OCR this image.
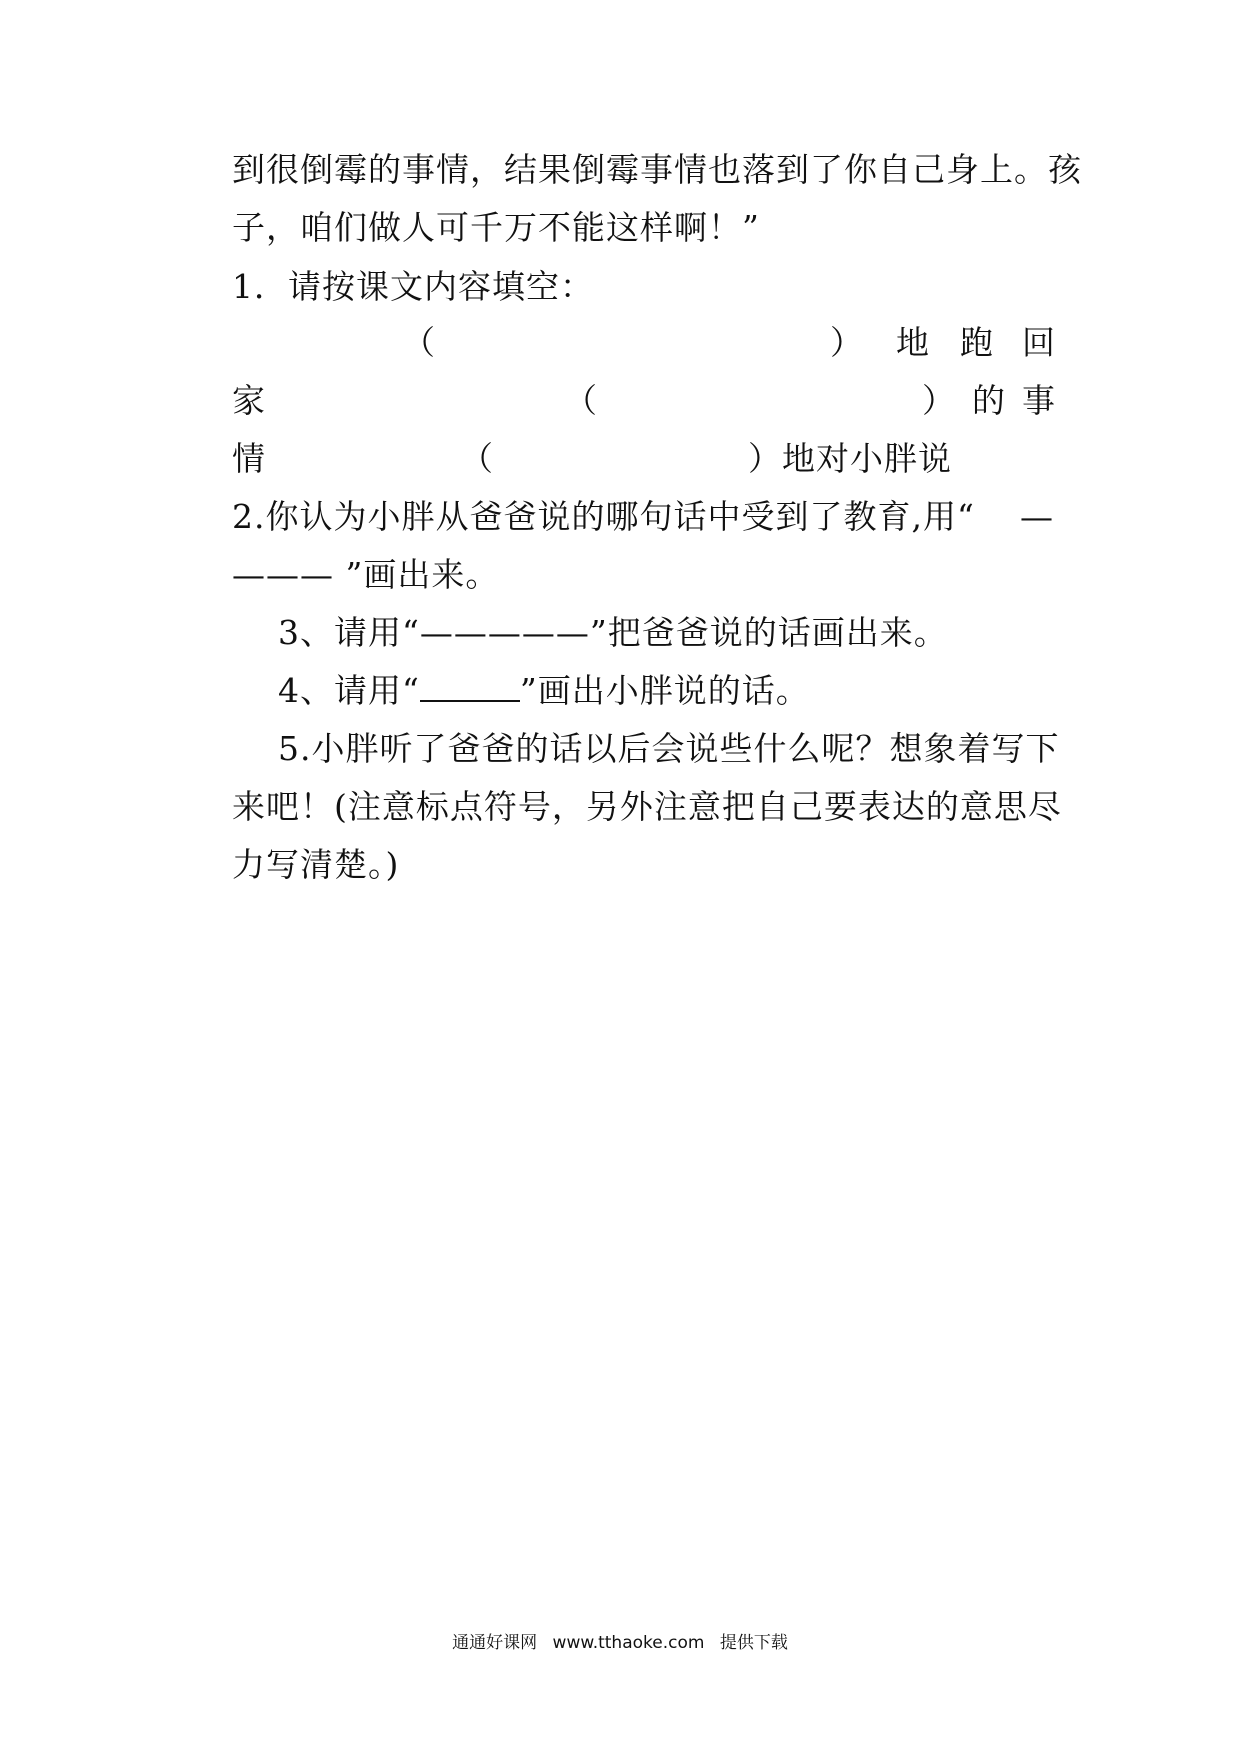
到 很 倒 霉 的 事 情 ， 结 果 倒 霉 事 情 也 落 到 了 你 自 己 身 上 。 孩
子，咱们做人可千万不能这样啊！”
1．请按课文内容填空：
（	） 地 跑 回
家	（	） 的 事
情	（	）地对小胖说
2.你认为小胖从爸爸说的哪句话中受到了教育,用“ —
——— ”画出来。
3、请用“—————”把爸爸说的话画出来。
4、请用“	”画出小胖说的话。
5.小胖听了爸爸的话以后会说些什么呢？想象着写下
来 吧 ！ ( 注 意 标 点 符 号 ， 另 外 注 意 把 自 己 要 表 达 的 意 思 尽
力写清楚。)
通通好课网 www.tthaoke.com 提供下载
